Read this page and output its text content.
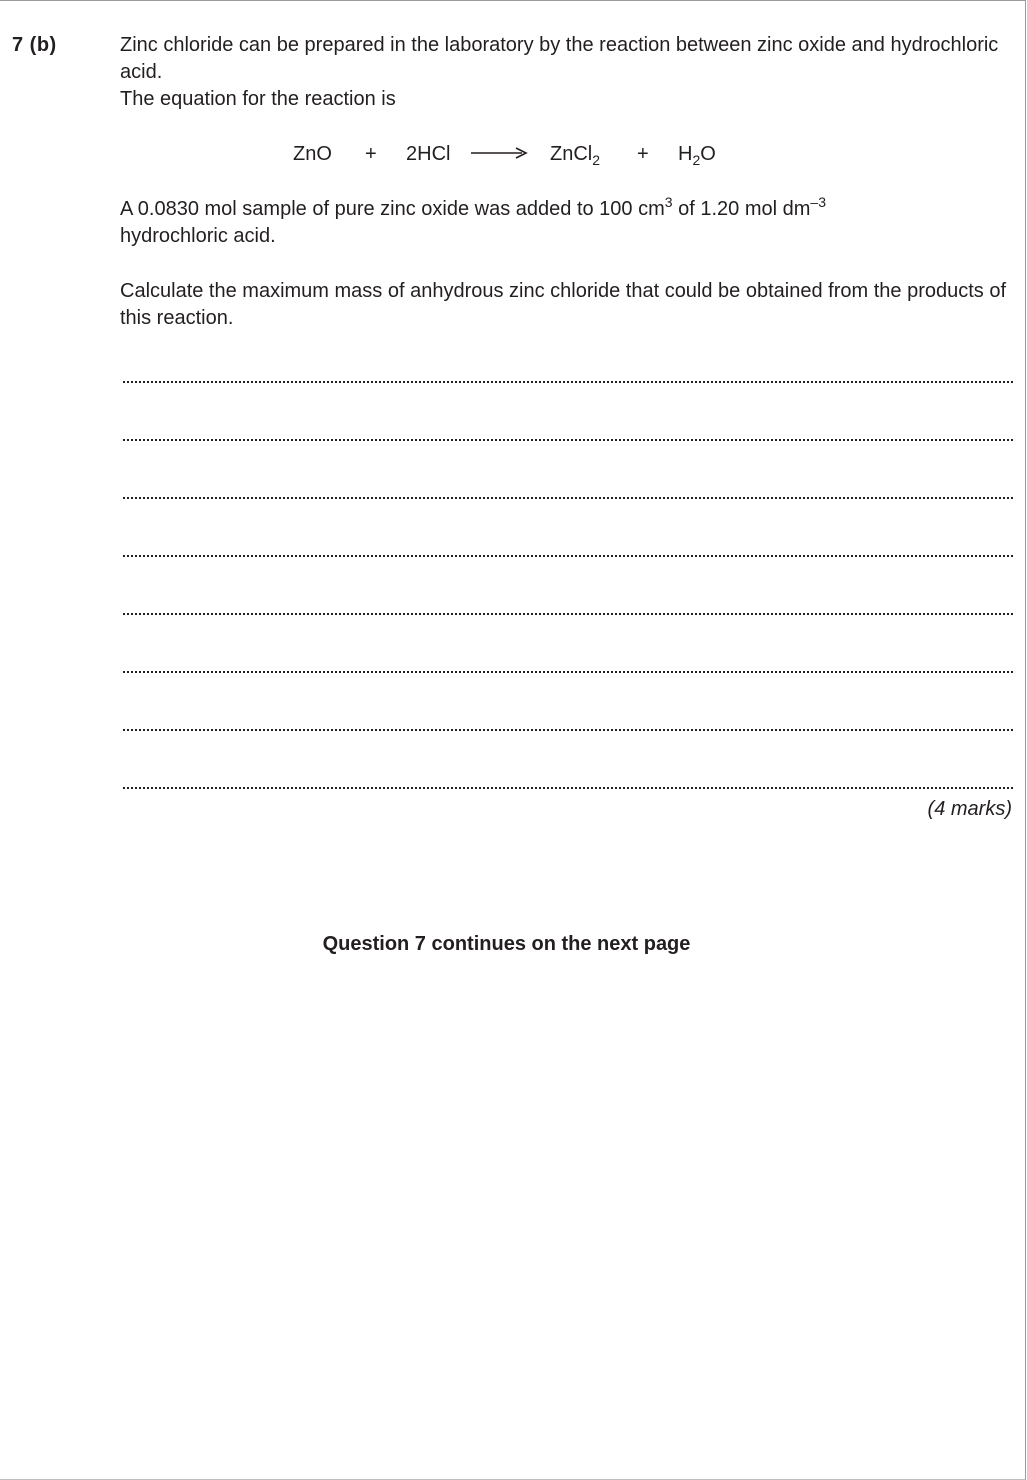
7 (b)	Zinc chloride can be prepared in the laboratory by the reaction between zinc oxide and hydrochloric acid.
The equation for the reaction is
ZnO + 2HCl → ZnCl$_2$ + $H_2O$
A 0.0830 mol sample of pure zinc oxide was added to 100 $cm^3$ of 1.20 mol $dm^{-3}$
hydrochloric acid.
Calculate the maximum mass of anhydrous zinc chloride that could be obtained from the products of this reaction.
(4 marks)
Question 7 continues on the next page
